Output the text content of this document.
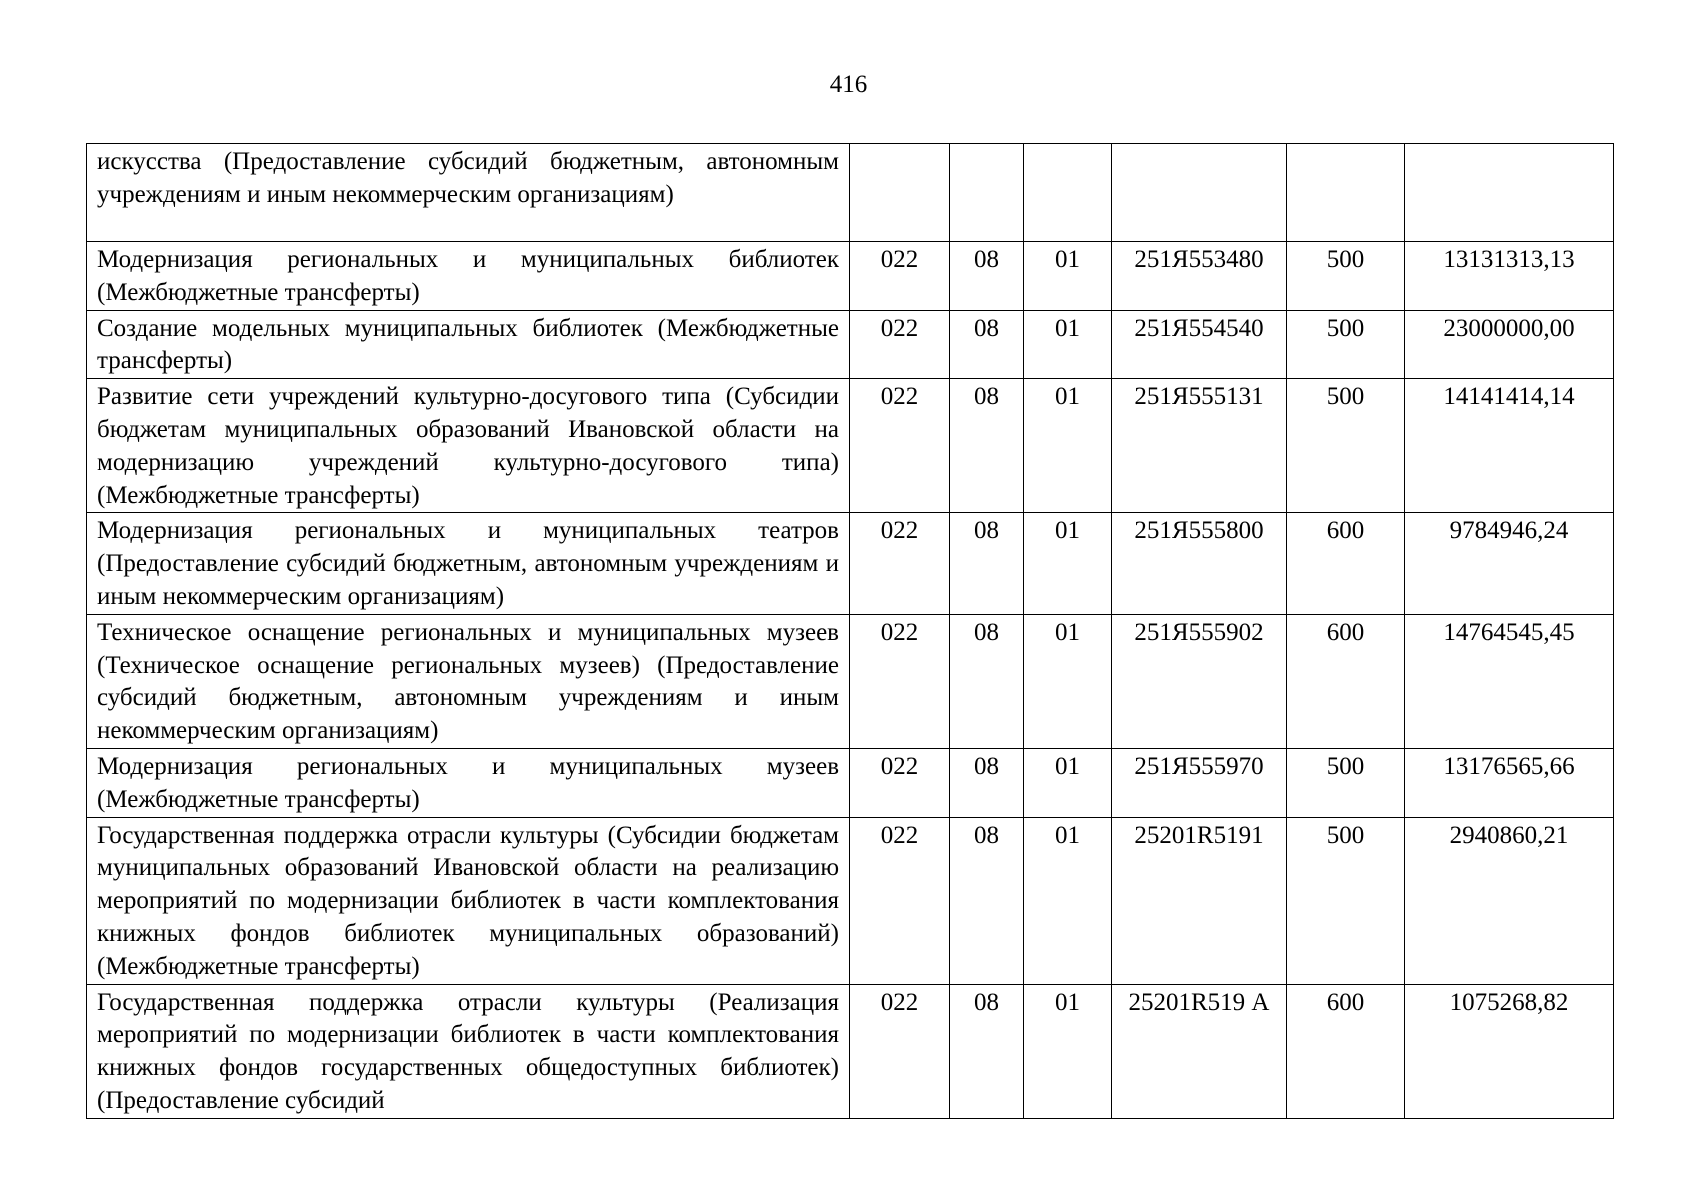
416
искусства (Предоставление субсидий бюджетным, автономным учреждениям и иным некоммерческим организациям)						
Модернизация региональных и муниципальных библиотек (Межбюджетные трансферты)	022	08	01	251Я553480	500	13131313,13
Создание модельных муниципальных библиотек (Межбюджетные трансферты)	022	08	01	251Я554540	500	23000000,00
Развитие сети учреждений культурно-досугового типа (Субсидии бюджетам муниципальных образований Ивановской области на модернизацию учреждений культурно-досугового типа) (Межбюджетные трансферты)	022	08	01	251Я555131	500	14141414,14
Модернизация региональных и муниципальных театров (Предоставление субсидий бюджетным, автономным учреждениям и иным некоммерческим организациям)	022	08	01	251Я555800	600	9784946,24
Техническое оснащение региональных и муниципальных музеев (Техническое оснащение региональных музеев) (Предоставление субсидий бюджетным, автономным учреждениям и иным некоммерческим организациям)	022	08	01	251Я555902	600	14764545,45
Модернизация региональных и муниципальных музеев (Межбюджетные трансферты)	022	08	01	251Я555970	500	13176565,66
Государственная поддержка отрасли культуры (Субсидии бюджетам муниципальных образований Ивановской области на реализацию мероприятий по модернизации библиотек в части комплектования книжных фондов библиотек муниципальных образований) (Межбюджетные трансферты)	022	08	01	25201R5191	500	2940860,21
Государственная поддержка отрасли культуры (Реализация мероприятий по модернизации библиотек в части комплектования книжных фондов государственных общедоступных библиотек) (Предоставление субсидий	022	08	01	25201R519 А	600	1075268,82
